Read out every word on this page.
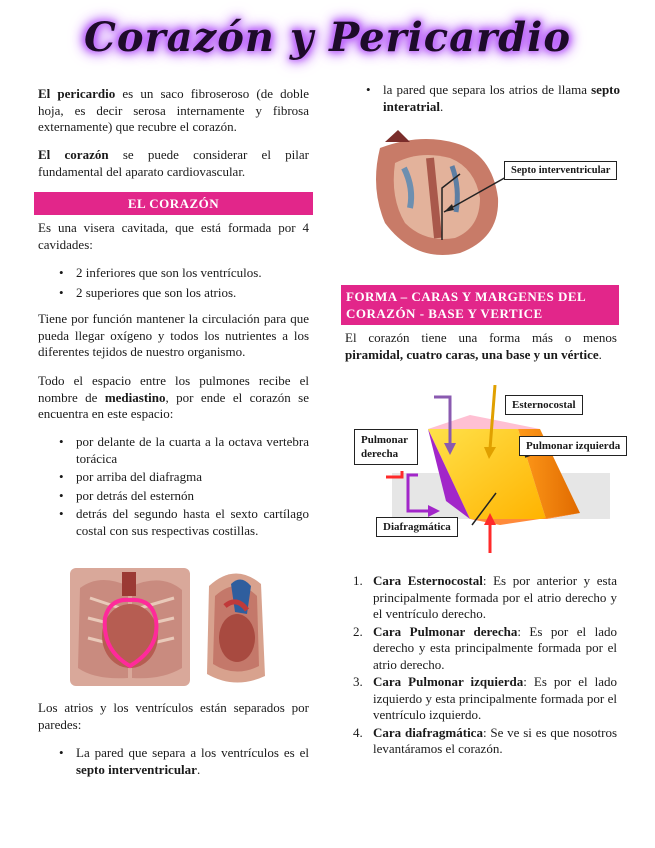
Corazón y Pericardio

El pericardio es un saco fibroseroso (de doble hoja, es decir serosa internamente y fibrosa externamente) que recubre el corazón.

El corazón se puede considerar el pilar fundamental del aparato cardiovascular.

EL CORAZÓN

Es una visera cavitada, que está formada por 4 cavidades:

• 2 inferiores que son los ventrículos.
• 2 superiores que son los atrios.

Tiene por función mantener la circulación para que pueda llegar oxígeno y todos los nutrientes a los diferentes tejidos de nuestro organismo.

Todo el espacio entre los pulmones recibe el nombre de mediastino, por ende el corazón se encuentra en este espacio:

• por delante de la cuarta a la octava vertebra torácica
• por arriba del diafragma
• por detrás del esternón
• detrás del segundo hasta el sexto cartílago costal con sus respectivas costillas.

Los atrios y los ventrículos están separados por paredes:

• La pared que separa a los ventrículos es el septo interventricular.
• la pared que separa los atrios de llama septo interatrial.
Septo interventricular
FORMA – CARAS Y MARGENES DEL CORAZÓN - BASE Y VERTICE

El corazón tiene una forma más o menos piramidal, cuatro caras, una base y un vértice.

Esternocostal
Pulmonar derecha
Pulmonar izquierda
Diafragmática
1. Cara Esternocostal: Es por anterior y esta principalmente formada por el atrio derecho y el ventrículo derecho.
2. Cara Pulmonar derecha: Es por el lado derecho y esta principalmente formada por el atrio derecho.
3. Cara Pulmonar izquierda: Es por el lado izquierdo y esta principalmente formada por el ventrículo izquierdo.
4. Cara diafragmática: Se ve si es que nosotros levantáramos el corazón.
